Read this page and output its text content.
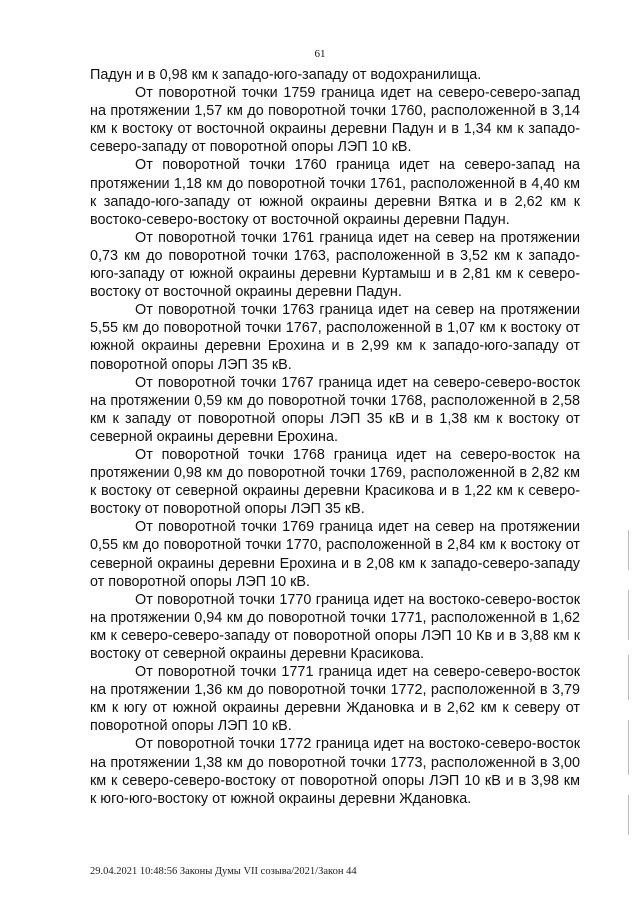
61

Падун и в 0,98 км к западо-юго-западу от водохранилища.

От поворотной точки 1759 граница идет на северо-северо-запад на протяжении 1,57 км до поворотной точки 1760, расположенной в 3,14 км к востоку от восточной окраины деревни Падун и в 1,34 км к западо-северо-западу от поворотной опоры ЛЭП 10 кВ.

От поворотной точки 1760 граница идет на северо-запад на протяжении 1,18 км до поворотной точки 1761, расположенной в 4,40 км к западо-юго-западу от южной окраины деревни Вятка и в 2,62 км к востоко-северо-востоку от восточной окраины деревни Падун.

От поворотной точки 1761 граница идет на север на протяжении 0,73 км до поворотной точки 1763, расположенной в 3,52 км к западо-юго-западу от южной окраины деревни Куртамыш и в 2,81 км к северо-востоку от восточной окраины деревни Падун.

От поворотной точки 1763 граница идет на север на протяжении 5,55 км до поворотной точки 1767, расположенной в 1,07 км к востоку от южной окраины деревни Ерохина и в 2,99 км к западо-юго-западу от поворотной опоры ЛЭП 35 кВ.

От поворотной точки 1767 граница идет на северо-северо-восток на протяжении 0,59 км до поворотной точки 1768, расположенной в 2,58 км к западу от поворотной опоры ЛЭП 35 кВ и в 1,38 км к востоку от северной окраины деревни Ерохина.

От поворотной точки 1768 граница идет на северо-восток на протяжении 0,98 км до поворотной точки 1769, расположенной в 2,82 км к востоку от северной окраины деревни Красикова и в 1,22 км к северо-востоку от поворотной опоры ЛЭП 35 кВ.

От поворотной точки 1769 граница идет на север на протяжении 0,55 км до поворотной точки 1770, расположенной в 2,84 км к востоку от северной окраины деревни Ерохина и в 2,08 км к западо-северо-западу от поворотной опоры ЛЭП 10 кВ.

От поворотной точки 1770 граница идет на востоко-северо-восток на протяжении 0,94 км до поворотной точки 1771, расположенной в 1,62 км к северо-северо-западу от поворотной опоры ЛЭП 10 Кв и в 3,88 км к востоку от северной окраины деревни Красикова.

От поворотной точки 1771 граница идет на северо-северо-восток на протяжении 1,36 км до поворотной точки 1772, расположенной в 3,79 км к югу от южной окраины деревни Ждановка и в 2,62 км к северу от поворотной опоры ЛЭП 10 кВ.

От поворотной точки 1772 граница идет на востоко-северо-восток на протяжении 1,38 км до поворотной точки 1773, расположенной в 3,00 км к северо-северо-востоку от поворотной опоры ЛЭП 10 кВ и в 3,98 км к юго-юго-востоку от южной окраины деревни Ждановка.

29.04.2021 10:48:56 Законы Думы VII созыва/2021/Закон 44
